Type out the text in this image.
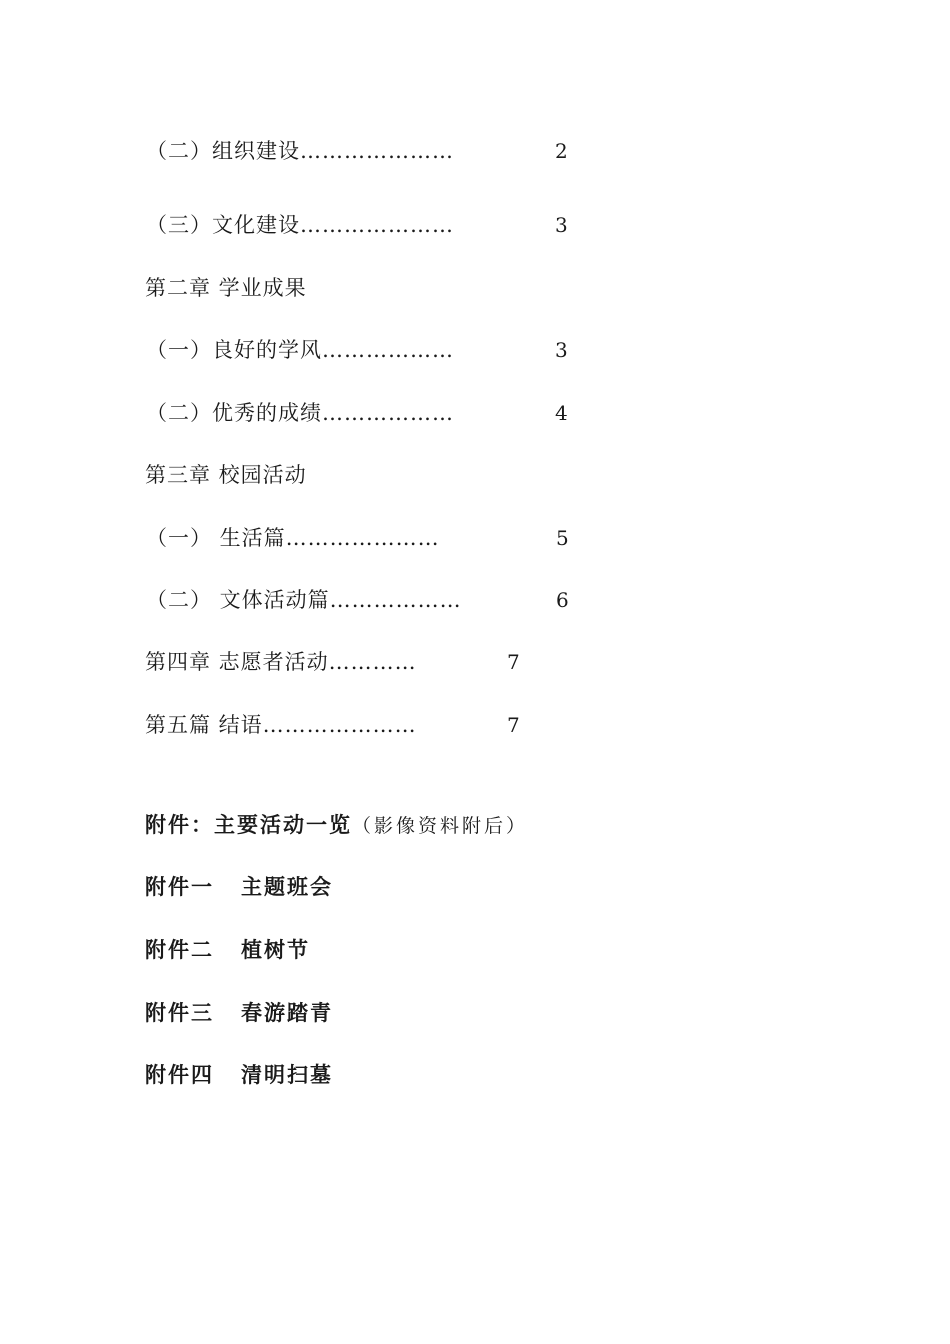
（二）组织建设…………………	2
（三）文化建设…………………	3
第二章 学业成果
（一）良好的学风………………	3
（二）优秀的成绩………………	4
第三章 校园活动
（一） 生活篇…………………	5
（二） 文体活动篇………………	6
第四章 志愿者活动…………	7
第五篇 结语…………………	7
附件：主要活动一览（影像资料附后）
附件一 主题班会
附件二 植树节
附件三 春游踏青
附件四 清明扫墓
